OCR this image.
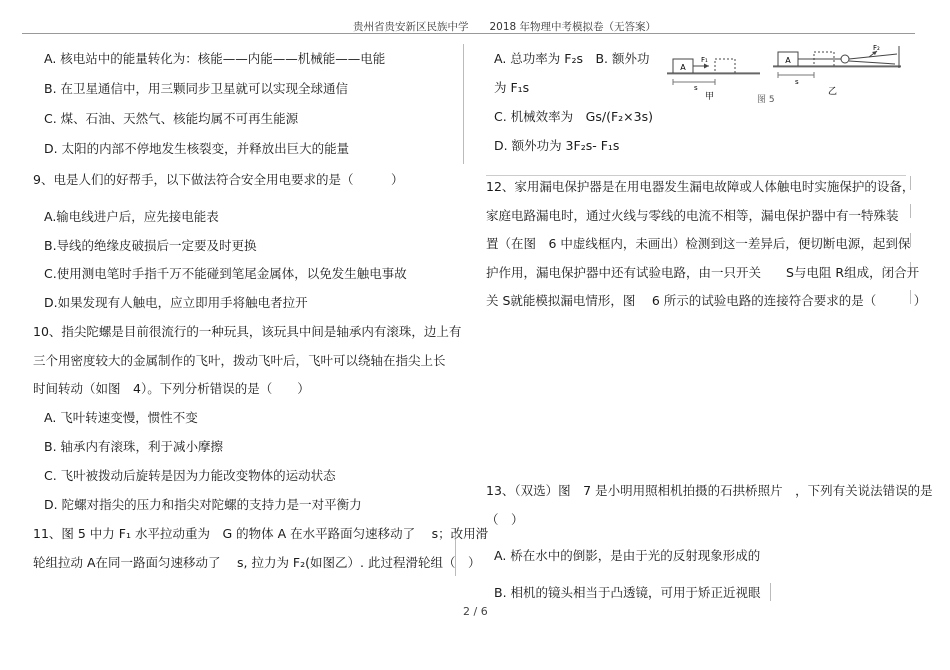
贵州省贵安新区民族中学　　2018 年物理中考模拟卷（无答案）
A. 核电站中的能量转化为：核能——内能——机械能——电能
B. 在卫星通信中，用三颗同步卫星就可以实现全球通信
C. 煤、石油、天然气、核能均属不可再生能源
D. 太阳的内部不停地发生核裂变，并释放出巨大的能量
9、电是人们的好帮手，以下做法符合安全用电要求的是（　　　）
A.输电线进户后，应先接电能表
B.导线的绝缘皮破损后一定要及时更换
C.使用测电笔时手指千万不能碰到笔尾金属体，以免发生触电事故
D.如果发现有人触电，应立即用手将触电者拉开
10、指尖陀螺是目前很流行的一种玩具，该玩具中间是轴承内有滚珠，边上有
三个用密度较大的金属制作的飞叶，拨动飞叶后，飞叶可以绕轴在指尖上长
时间转动（如图　4）。下列分析错误的是（　　）
A. 飞叶转速变慢，惯性不变
B. 轴承内有滚珠，利于减小摩擦
C. 飞叶被拨动后旋转是因为力能改变物体的运动状态
D. 陀螺对指尖的压力和指尖对陀螺的支持力是一对平衡力
11、图 5 中力 F₁ 水平拉动重为　G 的物体 A 在水平路面匀速移动了　 s；改用滑
轮组拉动 A在同一路面匀速移动了　 s, 拉力为 F₂(如图乙）. 此过程滑轮组（　）
A. 总功率为 F₂s　B. 额外功
为 F₁s
C. 机械效率为　Gs/(F₂×3s)
D. 额外功为 3F₂s- F₁s
A
F₁
s
甲	图 5
A
F₂
s
乙
12、家用漏电保护器是在用电器发生漏电故障或人体触电时实施保护的设备，
家庭电路漏电时，通过火线与零线的电流不相等，漏电保护器中有一特殊装
置（在图　6 中虚线框内，未画出）检测到这一差异后，便切断电源，起到保
护作用，漏电保护器中还有试验电路，由一只开关　　S与电阻 R组成，闭合开
关 S就能模拟漏电情形，图　 6 所示的试验电路的连接符合要求的是（　　　）
13、（双选）图　7 是小明用照相机拍摄的石拱桥照片　，下列有关说法错误的是
（　）
A. 桥在水中的倒影，是由于光的反射现象形成的
B. 相机的镜头相当于凸透镜，可用于矫正近视眼
2 / 6
